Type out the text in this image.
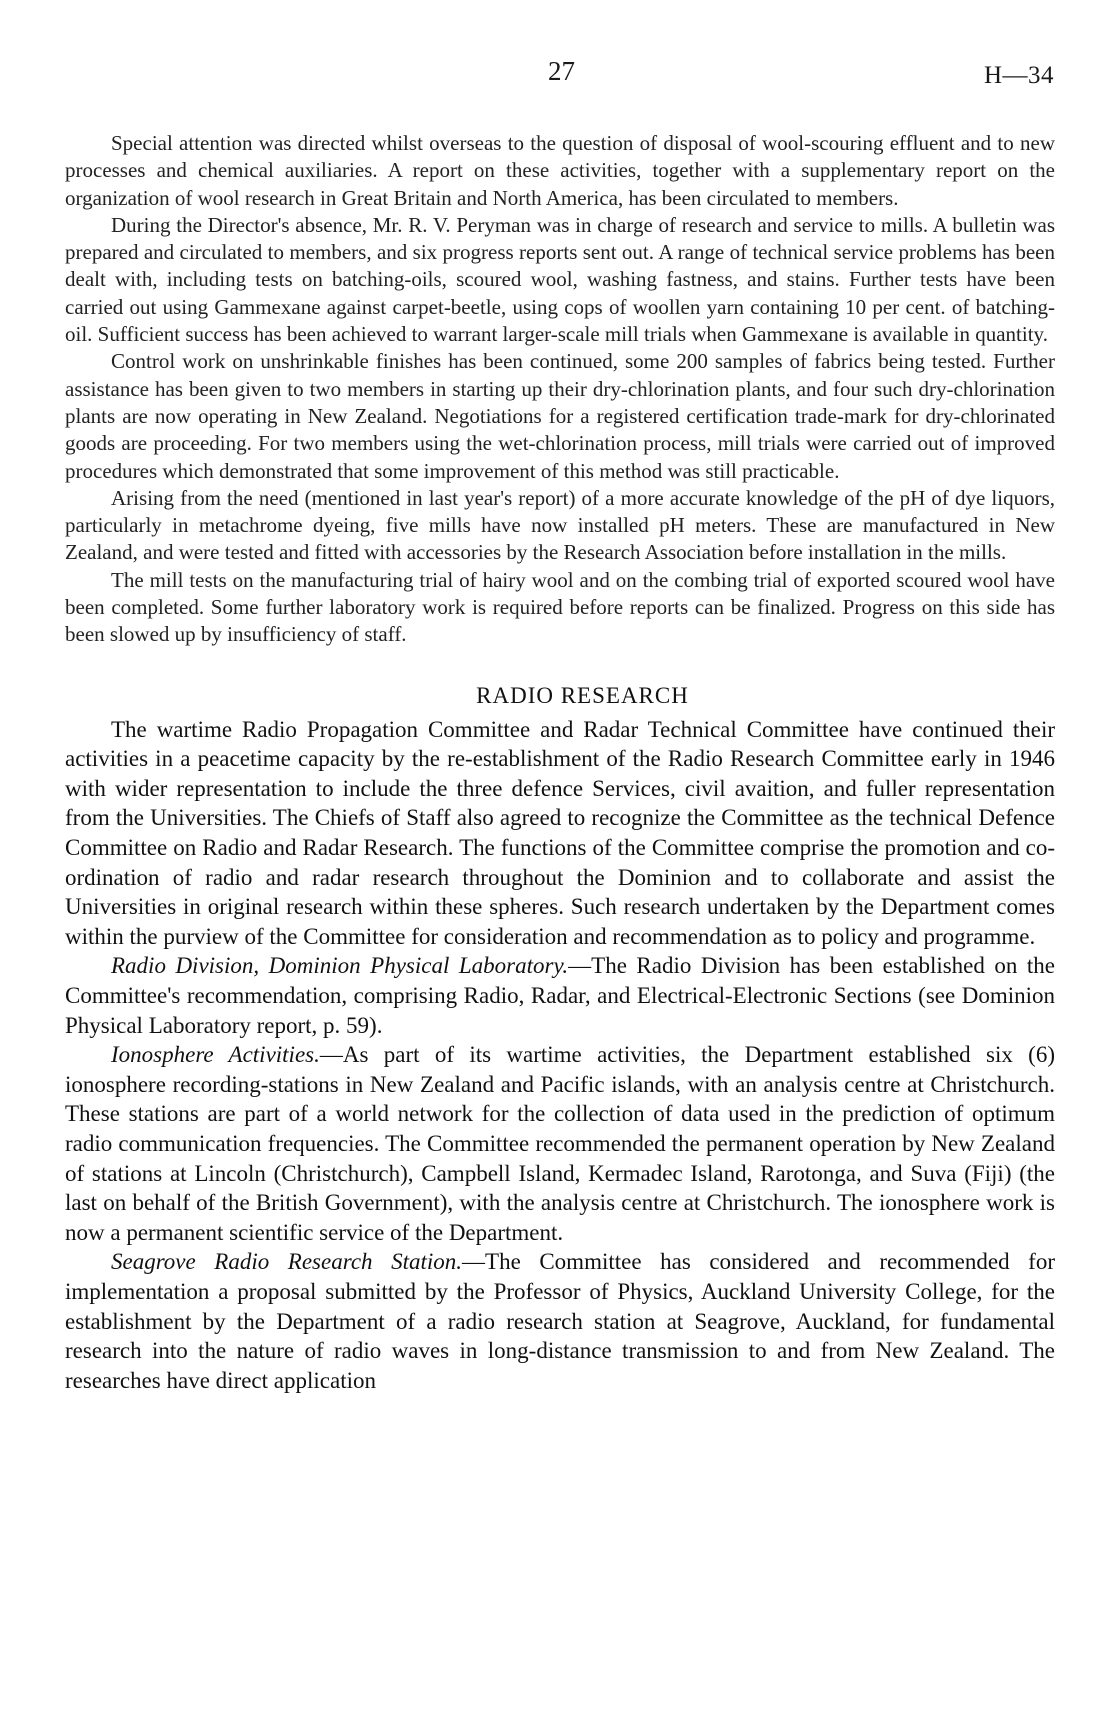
27	H—34

Special attention was directed whilst overseas to the question of disposal of wool-scouring effluent and to new processes and chemical auxiliaries. A report on these activities, together with a supplementary report on the organization of wool research in Great Britain and North America, has been circulated to members.

During the Director's absence, Mr. R. V. Peryman was in charge of research and service to mills. A bulletin was prepared and circulated to members, and six progress reports sent out. A range of technical service problems has been dealt with, including tests on batching-oils, scoured wool, washing fastness, and stains. Further tests have been carried out using Gammexane against carpet-beetle, using cops of woollen yarn containing 10 per cent. of batching-oil. Sufficient success has been achieved to warrant larger-scale mill trials when Gammexane is available in quantity.

Control work on unshrinkable finishes has been continued, some 200 samples of fabrics being tested. Further assistance has been given to two members in starting up their dry-chlorination plants, and four such dry-chlorination plants are now operating in New Zealand. Negotiations for a registered certification trade-mark for dry-chlorinated goods are proceeding. For two members using the wet-chlorination process, mill trials were carried out of improved procedures which demonstrated that some improvement of this method was still practicable.

Arising from the need (mentioned in last year's report) of a more accurate knowledge of the pH of dye liquors, particularly in metachrome dyeing, five mills have now installed pH meters. These are manufactured in New Zealand, and were tested and fitted with accessories by the Research Association before installation in the mills.

The mill tests on the manufacturing trial of hairy wool and on the combing trial of exported scoured wool have been completed. Some further laboratory work is required before reports can be finalized. Progress on this side has been slowed up by insufficiency of staff.

RADIO RESEARCH

The wartime Radio Propagation Committee and Radar Technical Committee have continued their activities in a peacetime capacity by the re-establishment of the Radio Research Committee early in 1946 with wider representation to include the three defence Services, civil avaition, and fuller representation from the Universities. The Chiefs of Staff also agreed to recognize the Committee as the technical Defence Committee on Radio and Radar Research. The functions of the Committee comprise the promotion and co-ordination of radio and radar research throughout the Dominion and to collaborate and assist the Universities in original research within these spheres. Such research undertaken by the Department comes within the purview of the Committee for consideration and recommendation as to policy and programme.

Radio Division, Dominion Physical Laboratory.—The Radio Division has been established on the Committee's recommendation, comprising Radio, Radar, and Electrical-Electronic Sections (see Dominion Physical Laboratory report, p. 59).

Ionosphere Activities.—As part of its wartime activities, the Department established six (6) ionosphere recording-stations in New Zealand and Pacific islands, with an analysis centre at Christchurch. These stations are part of a world network for the collection of data used in the prediction of optimum radio communication frequencies. The Committee recommended the permanent operation by New Zealand of stations at Lincoln (Christchurch), Campbell Island, Kermadec Island, Rarotonga, and Suva (Fiji) (the last on behalf of the British Government), with the analysis centre at Christchurch. The ionosphere work is now a permanent scientific service of the Department.

Seagrove Radio Research Station.—The Committee has considered and recommended for implementation a proposal submitted by the Professor of Physics, Auckland University College, for the establishment by the Department of a radio research station at Seagrove, Auckland, for fundamental research into the nature of radio waves in long-distance transmission to and from New Zealand. The researches have direct application
